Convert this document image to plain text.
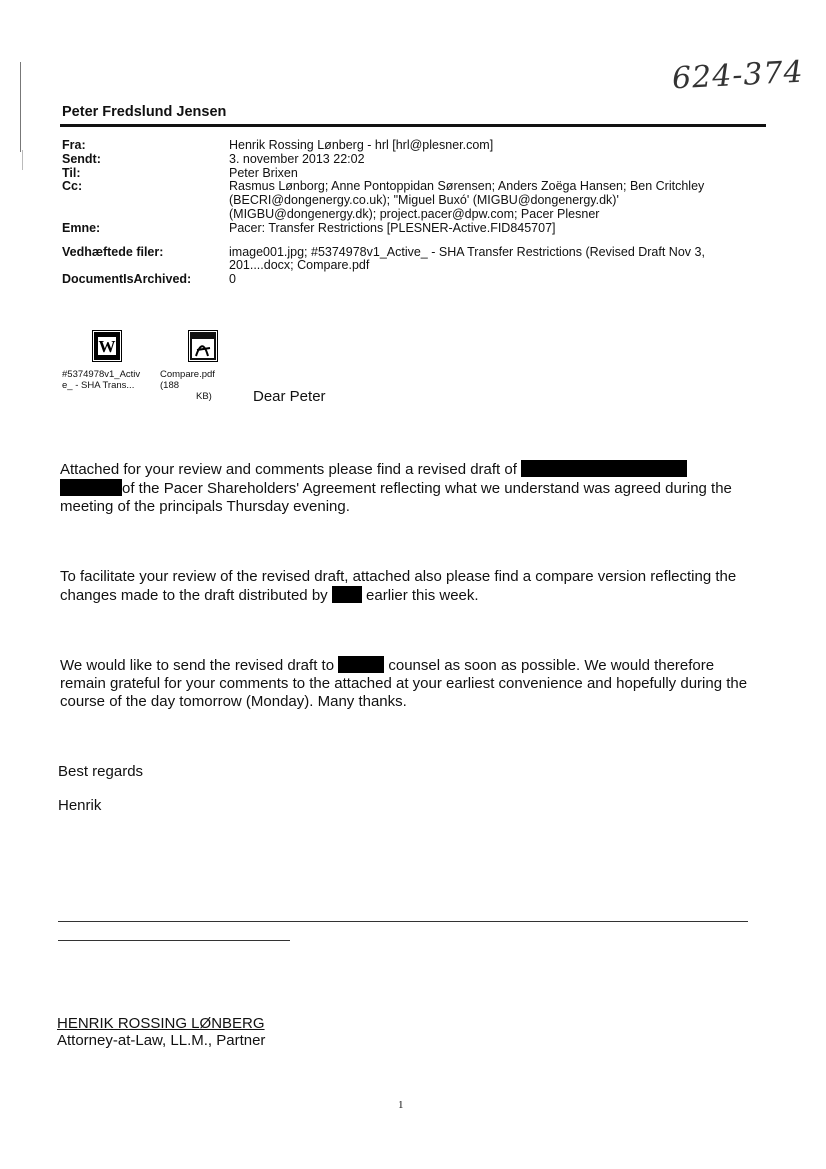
624-374
Peter Fredslund Jensen
Fra:	Henrik Rossing Lønberg - hrl [hrl@plesner.com]
Sendt:	3. november 2013 22:02
Til:	Peter Brixen
Cc:	Rasmus Lønborg; Anne Pontoppidan Sørensen; Anders Zoëga Hansen; Ben Critchley (BECRI@dongenergy.co.uk); "Miguel Buxó' (MIGBU@dongenergy.dk)' (MIGBU@dongenergy.dk); project.pacer@dpw.com; Pacer Plesner
Emne:	Pacer: Transfer Restrictions [PLESNER-Active.FID845707]
Vedhæftede filer:	image001.jpg; #5374978v1_Active_ - SHA Transfer Restrictions (Revised Draft Nov 3, 201....docx; Compare.pdf
DocumentIsArchived:	0
W
#5374978v1_Activ
e_ - SHA Trans...
Compare.pdf (188
KB)	Dear Peter
Attached for your review and comments please find a revised draft of
of the Pacer Shareholders' Agreement reflecting what we understand was agreed during the meeting of the principals Thursday evening.
To facilitate your review of the revised draft, attached also please find a compare version reflecting the changes made to the draft distributed by  earlier this week.
We would like to send the revised draft to	counsel as soon as possible. We would therefore remain grateful for your comments to the attached at your earliest convenience and hopefully during the course of the day tomorrow (Monday). Many thanks.
Best regards
Henrik
HENRIK ROSSING LØNBERG
Attorney-at-Law, LL.M., Partner
1
